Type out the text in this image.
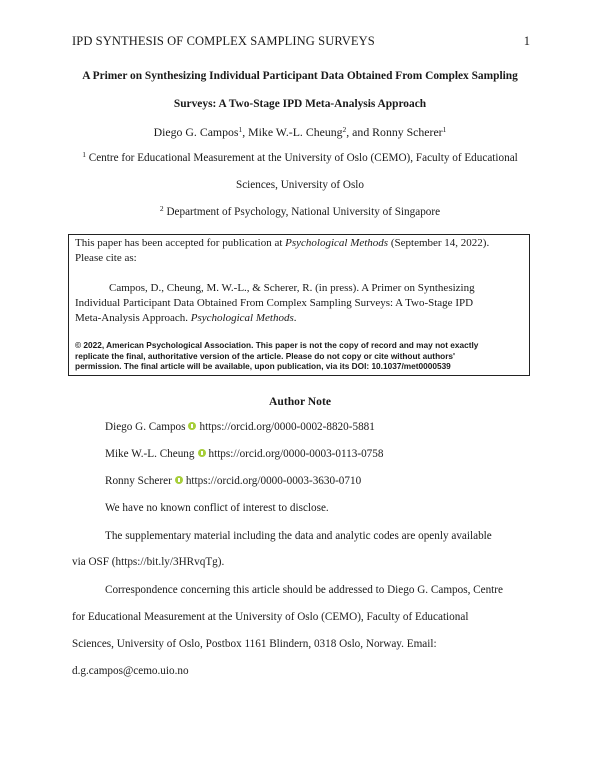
IPD SYNTHESIS OF COMPLEX SAMPLING SURVEYS	1
A Primer on Synthesizing Individual Participant Data Obtained From Complex Sampling
Surveys: A Two-Stage IPD Meta-Analysis Approach
Diego G. Campos$^1$, Mike W.-L. Cheung$^2$, and Ronny Scherer$^1$
$^1$ Centre for Educational Measurement at the University of Oslo (CEMO), Faculty of Educational
Sciences, University of Oslo
$^2$ Department of Psychology, National University of Singapore
This paper has been accepted for publication at Psychological Methods (September 14, 2022).
Please cite as:
Campos, D., Cheung, M. W.-L., & Scherer, R. (in press). A Primer on Synthesizing
Individual Participant Data Obtained From Complex Sampling Surveys: A Two-Stage IPD
Meta-Analysis Approach. Psychological Methods.
© 2022, American Psychological Association. This paper is not the copy of record and may not exactly
replicate the final, authoritative version of the article. Please do not copy or cite without authors'
permission. The final article will be available, upon publication, via its DOI: 10.1037/met0000539
Author Note
Diego G. Campos https://orcid.org/0000-0002-8820-5881
Mike W.-L. Cheung https://orcid.org/0000-0003-0113-0758
Ronny Scherer https://orcid.org/0000-0003-3630-0710
We have no known conflict of interest to disclose.
The supplementary material including the data and analytic codes are openly available
via OSF (https://bit.ly/3HRvqTg).
Correspondence concerning this article should be addressed to Diego G. Campos, Centre
for Educational Measurement at the University of Oslo (CEMO), Faculty of Educational
Sciences, University of Oslo, Postbox 1161 Blindern, 0318 Oslo, Norway. Email:
d.g.campos@cemo.uio.no
